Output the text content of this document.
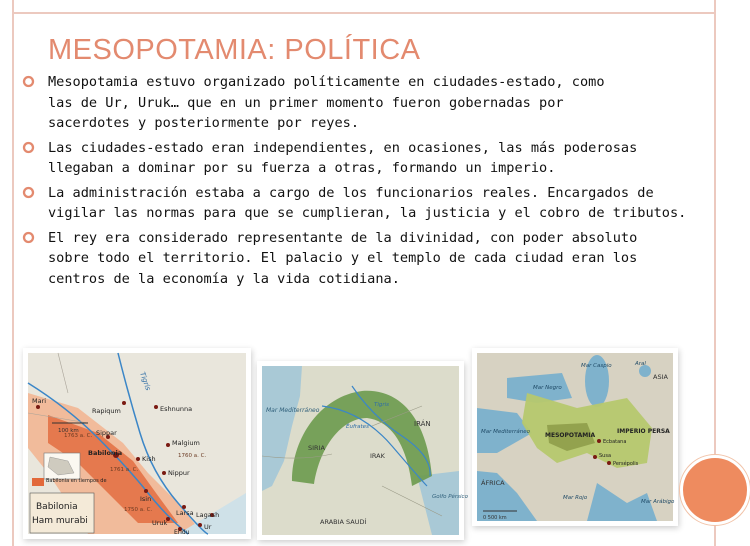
MESOPOTAMIA: POLÍTICA
Mesopotamia estuvo organizado políticamente en ciudades-estado, como
las de Ur, Uruk… que en un primer momento fueron gobernadas por
sacerdotes y posteriormente por reyes.
Las ciudades-estado eran independientes, en ocasiones, las más poderosas
llegaban a dominar por su fuerza a otras, formando un imperio.
La administración estaba a cargo de los funcionarios reales. Encargados de
vigilar las normas para que se cumplieran, la justicia y el cobro de tributos.
El rey era considerado representante de la divinidad, con poder absoluto
sobre todo el territorio. El palacio y el templo de cada ciudad eran los
centros de la economía y la vida cotidiana.
Tigris
Mari
Rapiqum	Eshnunna
Sippar
Babilonia
Kish
Malgium
Nippur
Isin
Larsa Lagash
Uruk	Ur
Eridu
1760 a. C.
1761 a. C.
1750 a. C.
1763 a. C.
100 km
Babilonia en tiempos de
Babilonia
Ham murabi
Mar Mediterráneo
SIRIA
IRAK
IRÁN
ARABIA SAUDÍ
Golfo Pérsico
Tigris
Éufrates
Mar Caspio	Aral
ASIA
Mar Negro
Mar Mediterráneo
ÁFRICA
MESOPOTAMIA
IMPERIO PERSA
Ecbatana
Susa
Persépolis
Mar Rojo
Mar Arábigo
0 500 km
